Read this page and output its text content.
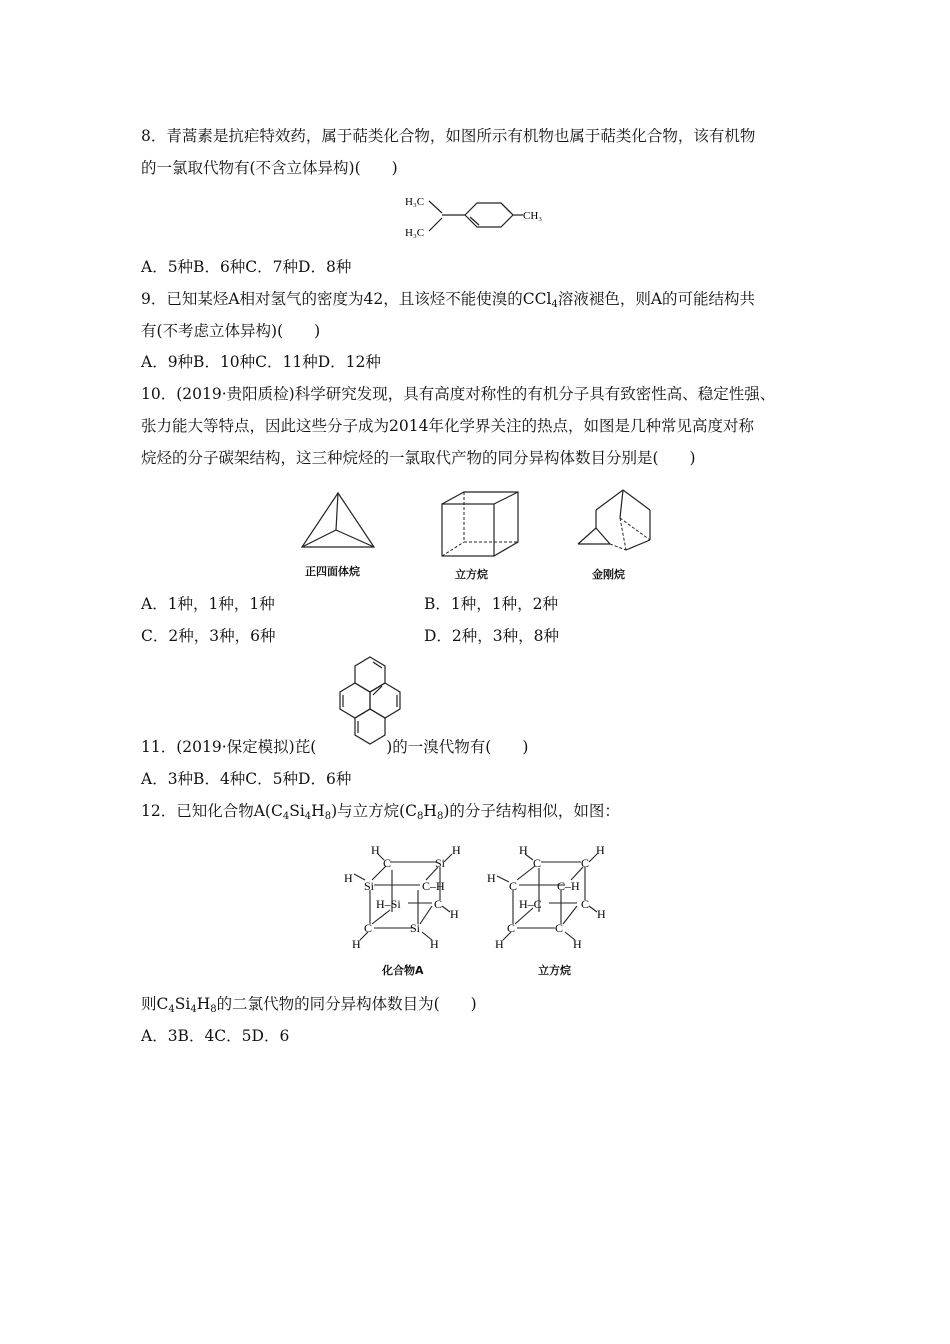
8．青蒿素是抗疟特效药，属于萜类化合物，如图所示有机物也属于萜类化合物，该有机物
的一氯取代物有(不含立体异构)(　　)
H₃C
H₃C
CH₃
A．5种B．6种C．7种D．8种
9．已知某烃A相对氢气的密度为42，且该烃不能使溴的CCl$_4$溶液褪色，则A的可能结构共
有(不考虑立体异构)(　　)
A．9种B．10种C．11种D．12种
10．(2019·贵阳质检)科学研究发现，具有高度对称性的有机分子具有致密性高、稳定性强、
张力能大等特点，因此这些分子成为2014年化学界关注的热点，如图是几种常见高度对称
烷烃的分子碳架结构，这三种烷烃的一氯取代产物的同分异构体数目分别是(　　)
正四面体烷	立方烷	金刚烷
A．1种，1种，1种	B．1种，1种，2种
C．2种，3种，6种	D．2种，3种，8种
11．(2019·保定模拟)芘(	)的一溴代物有(　　)
A．3种B．4种C．5种D．6种
12．已知化合物$A(C_4Si_4H_8)$与立方烷$(C_8H_8)$的分子结构相似，如图：
H
C	Si
H
H
Si	C–H
H–Si	C
H
C	Si
H	H
化合物A
H
C	C
H
H
C	C–H
H–C	C
H
C	C
H	H
立方烷
则$C_4Si_4H_8$的二氯代物的同分异构体数目为(　　)
A．3B．4C．5D．6
